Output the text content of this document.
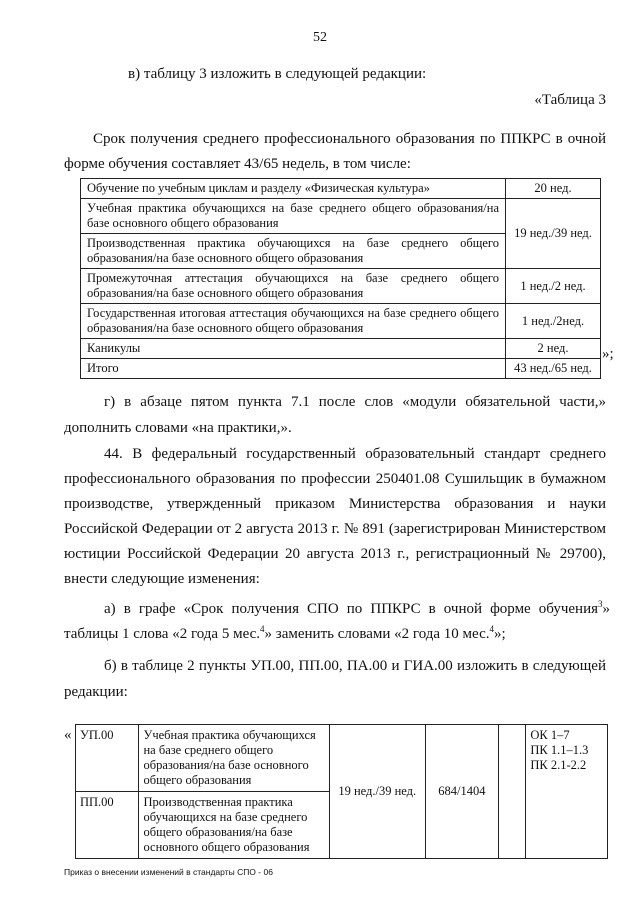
52

в) таблицу 3 изложить в следующей редакции:

«Таблица 3

Срок получения среднего профессионального образования по ППКРС в очной

форме обучения составляет 43/65 недель, в том числе:

Обучение по учебным циклам и разделу «Физическая культура»	20 нед.
Учебная практика обучающихся на базе среднего общего образования/на базе основного общего образования	19 нед./39 нед.
Производственная практика обучающихся на базе среднего общего образования/на базе основного общего образования	
Промежуточная аттестация обучающихся на базе среднего общего образования/на базе основного общего образования	1 нед./2 нед.
Государственная итоговая аттестация обучающихся на базе среднего общего образования/на базе основного общего образования	1 нед./2нед.
Каникулы	2 нед.
Итого	43 нед./65 нед.
»;

г) в абзаце пятом пункта 7.1 после слов «модули обязательной части,»

дополнить словами «на практики,».

44. В федеральный государственный образовательный стандарт среднего

профессионального образования по профессии 250401.08 Сушильщик в бумажном

производстве, утвержденный приказом Министерства образования и науки

Российской Федерации от 2 августа 2013 г. № 891 (зарегистрирован Министерством

юстиции Российской Федерации 20 августа 2013 г., регистрационный № 29700),

внести следующие изменения:

а) в графе «Срок получения СПО по ППКРС в очной форме обучения$^3$»

таблицы 1 слова «2 года 5 мес.$^4$» заменить словами «2 года 10 мес.$^4$»;

б) в таблице 2 пункты УП.00, ПП.00, ПА.00 и ГИА.00 изложить в следующей

редакции:

« УП.00	Учебная практика обучающихся на базе среднего общего образования/на базе основного общего образования	19 нед./39 нед.	684/1404		ОК 1–7
ПК 1.1–1.3
ПК 2.1-2.2

ПП.00	Производственная практика обучающихся на базе среднего общего образования/на базе основного общего образования				
Приказ о внесении изменений в стандарты СПО - 06
